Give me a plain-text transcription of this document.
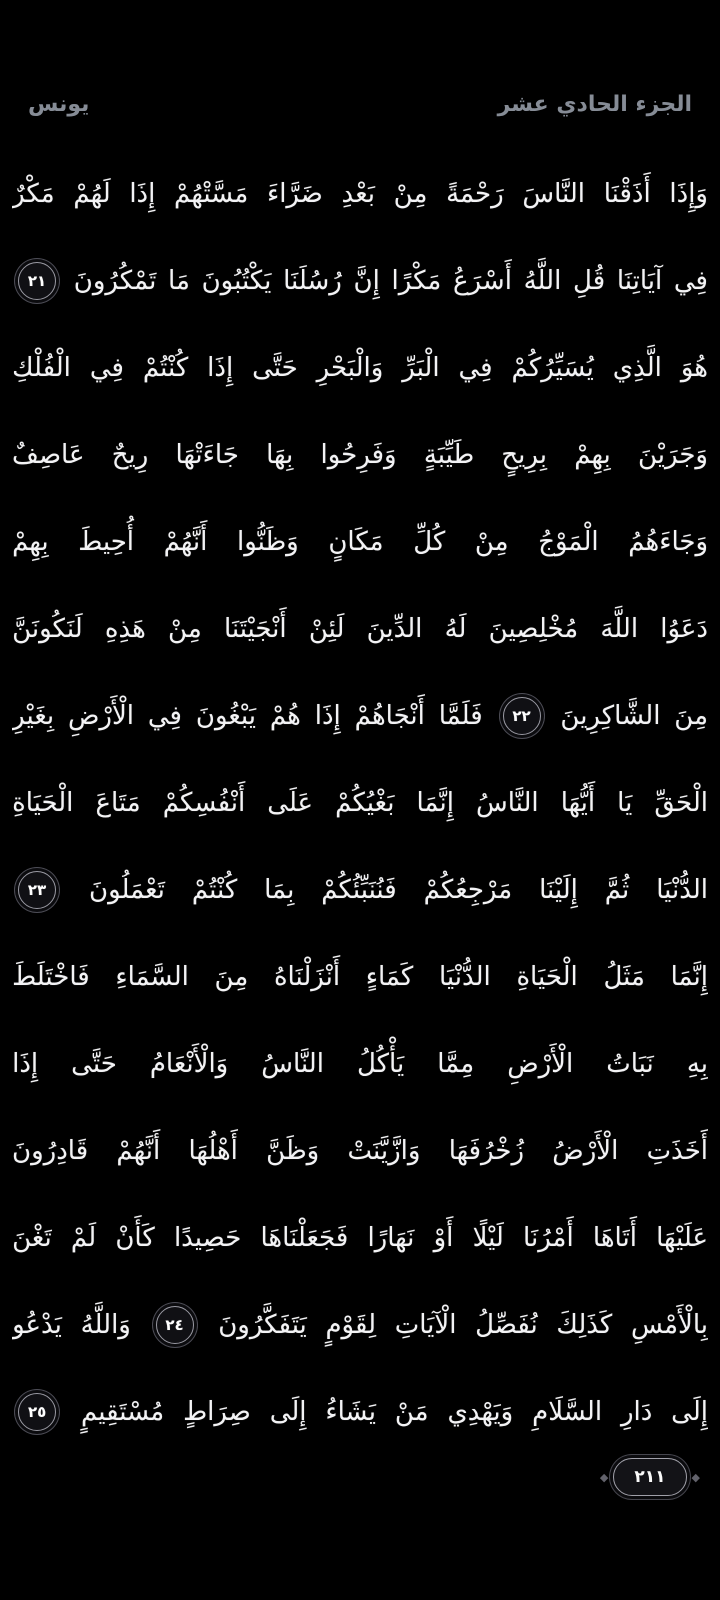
الجزء الحادي عشر
يونس
وَإِذَا
أَذَقْنَا
النَّاسَ
رَحْمَةً
مِنْ
بَعْدِ
ضَرَّاءَ
مَسَّتْهُمْ
إِذَا
لَهُمْ
مَكْرٌ
فِي
آيَاتِنَا
قُلِ
اللَّهُ
أَسْرَعُ
مَكْرًا
إِنَّ
رُسُلَنَا
يَكْتُبُونَ
مَا
تَمْكُرُونَ
٢١
هُوَ
الَّذِي
يُسَيِّرُكُمْ
فِي
الْبَرِّ
وَالْبَحْرِ
حَتَّى
إِذَا
كُنْتُمْ
فِي
الْفُلْكِ
وَجَرَيْنَ
بِهِمْ
بِرِيحٍ
طَيِّبَةٍ
وَفَرِحُوا
بِهَا
جَاءَتْهَا
رِيحٌ
عَاصِفٌ
وَجَاءَهُمُ
الْمَوْجُ
مِنْ
كُلِّ
مَكَانٍ
وَظَنُّوا
أَنَّهُمْ
أُحِيطَ
بِهِمْ
دَعَوُا
اللَّهَ
مُخْلِصِينَ
لَهُ
الدِّينَ
لَئِنْ
أَنْجَيْتَنَا
مِنْ
هَذِهِ
لَنَكُونَنَّ
مِنَ
الشَّاكِرِينَ
٢٢
فَلَمَّا
أَنْجَاهُمْ
إِذَا
هُمْ
يَبْغُونَ
فِي
الْأَرْضِ
بِغَيْرِ
الْحَقِّ
يَا
أَيُّهَا
النَّاسُ
إِنَّمَا
بَغْيُكُمْ
عَلَى
أَنْفُسِكُمْ
مَتَاعَ
الْحَيَاةِ
الدُّنْيَا
ثُمَّ
إِلَيْنَا
مَرْجِعُكُمْ
فَنُنَبِّئُكُمْ
بِمَا
كُنْتُمْ
تَعْمَلُونَ
٢٣
إِنَّمَا
مَثَلُ
الْحَيَاةِ
الدُّنْيَا
كَمَاءٍ
أَنْزَلْنَاهُ
مِنَ
السَّمَاءِ
فَاخْتَلَطَ
بِهِ
نَبَاتُ
الْأَرْضِ
مِمَّا
يَأْكُلُ
النَّاسُ
وَالْأَنْعَامُ
حَتَّى
إِذَا
أَخَذَتِ
الْأَرْضُ
زُخْرُفَهَا
وَازَّيَّنَتْ
وَظَنَّ
أَهْلُهَا
أَنَّهُمْ
قَادِرُونَ
عَلَيْهَا
أَتَاهَا
أَمْرُنَا
لَيْلًا
أَوْ
نَهَارًا
فَجَعَلْنَاهَا
حَصِيدًا
كَأَنْ
لَمْ
تَغْنَ
بِالْأَمْسِ
كَذَلِكَ
نُفَصِّلُ
الْآيَاتِ
لِقَوْمٍ
يَتَفَكَّرُونَ
٢٤
وَاللَّهُ
يَدْعُو
إِلَى
دَارِ
السَّلَامِ
وَيَهْدِي
مَنْ
يَشَاءُ
إِلَى
صِرَاطٍ
مُسْتَقِيمٍ
٢٥
◆	٢١١	◆
